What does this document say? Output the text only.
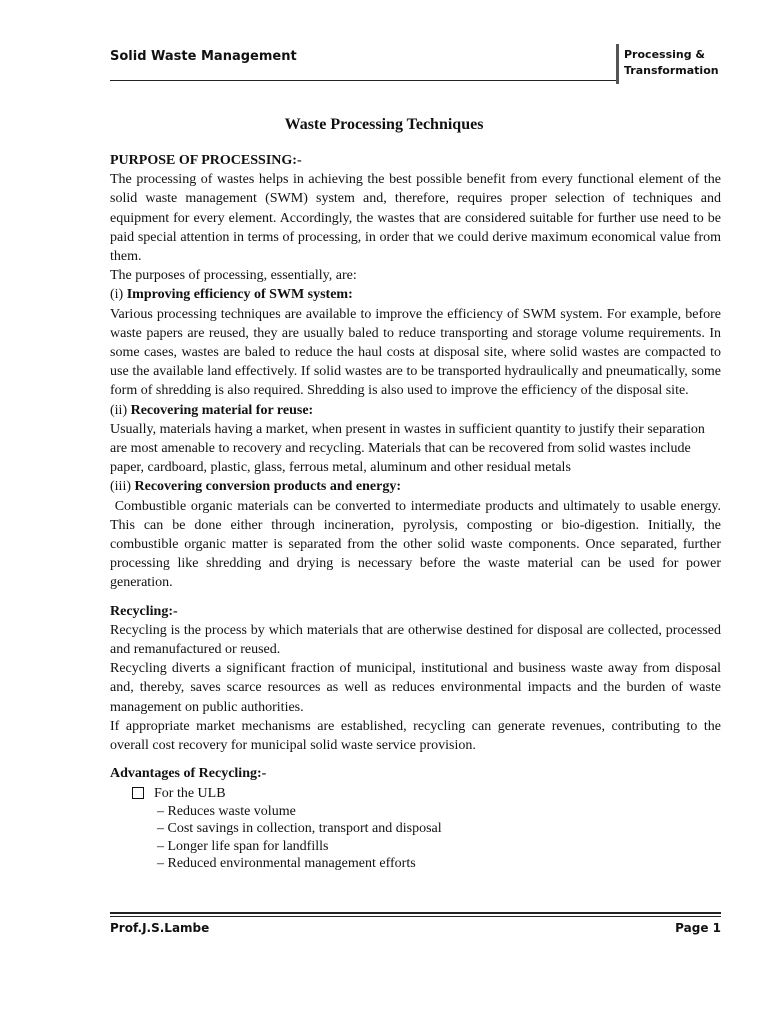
Solid Waste Management	Processing &
Transformation
Waste Processing Techniques

PURPOSE OF PROCESSING:-

The processing of wastes helps in achieving the best possible benefit from every functional element of the solid waste management (SWM) system and, therefore, requires proper selection of techniques and equipment for every element. Accordingly, the wastes that are considered suitable for further use need to be paid special attention in terms of processing, in order that we could derive maximum economical value from them.

The purposes of processing, essentially, are:

(i) Improving efficiency of SWM system:

Various processing techniques are available to improve the efficiency of SWM system. For example, before waste papers are reused, they are usually baled to reduce transporting and storage volume requirements. In some cases, wastes are baled to reduce the haul costs at disposal site, where solid wastes are compacted to use the available land effectively. If solid wastes are to be transported hydraulically and pneumatically, some form of shredding is also required. Shredding is also used to improve the efficiency of the disposal site.

(ii) Recovering material for reuse:

Usually, materials having a market, when present in wastes in sufficient quantity to justify their separation are most amenable to recovery and recycling. Materials that can be recovered from solid wastes include paper, cardboard, plastic, glass, ferrous metal, aluminum and other residual metals

(iii) Recovering conversion products and energy:

Combustible organic materials can be converted to intermediate products and ultimately to usable energy. This can be done either through incineration, pyrolysis, composting or bio-digestion. Initially, the combustible organic matter is separated from the other solid waste components. Once separated, further processing like shredding and drying is necessary before the waste material can be used for power generation.

Recycling:-

Recycling is the process by which materials that are otherwise destined for disposal are collected, processed and remanufactured or reused.

Recycling diverts a significant fraction of municipal, institutional and business waste away from disposal and, thereby, saves scarce resources as well as reduces environmental impacts and the burden of waste management on public authorities.

If appropriate market mechanisms are established, recycling can generate revenues, contributing to the overall cost recovery for municipal solid waste service provision.

Advantages of Recycling:-

For the ULB
– Reduces waste volume
– Cost savings in collection, transport and disposal
– Longer life span for landfills
– Reduced environmental management efforts
Prof.J.S.Lambe	Page 1
